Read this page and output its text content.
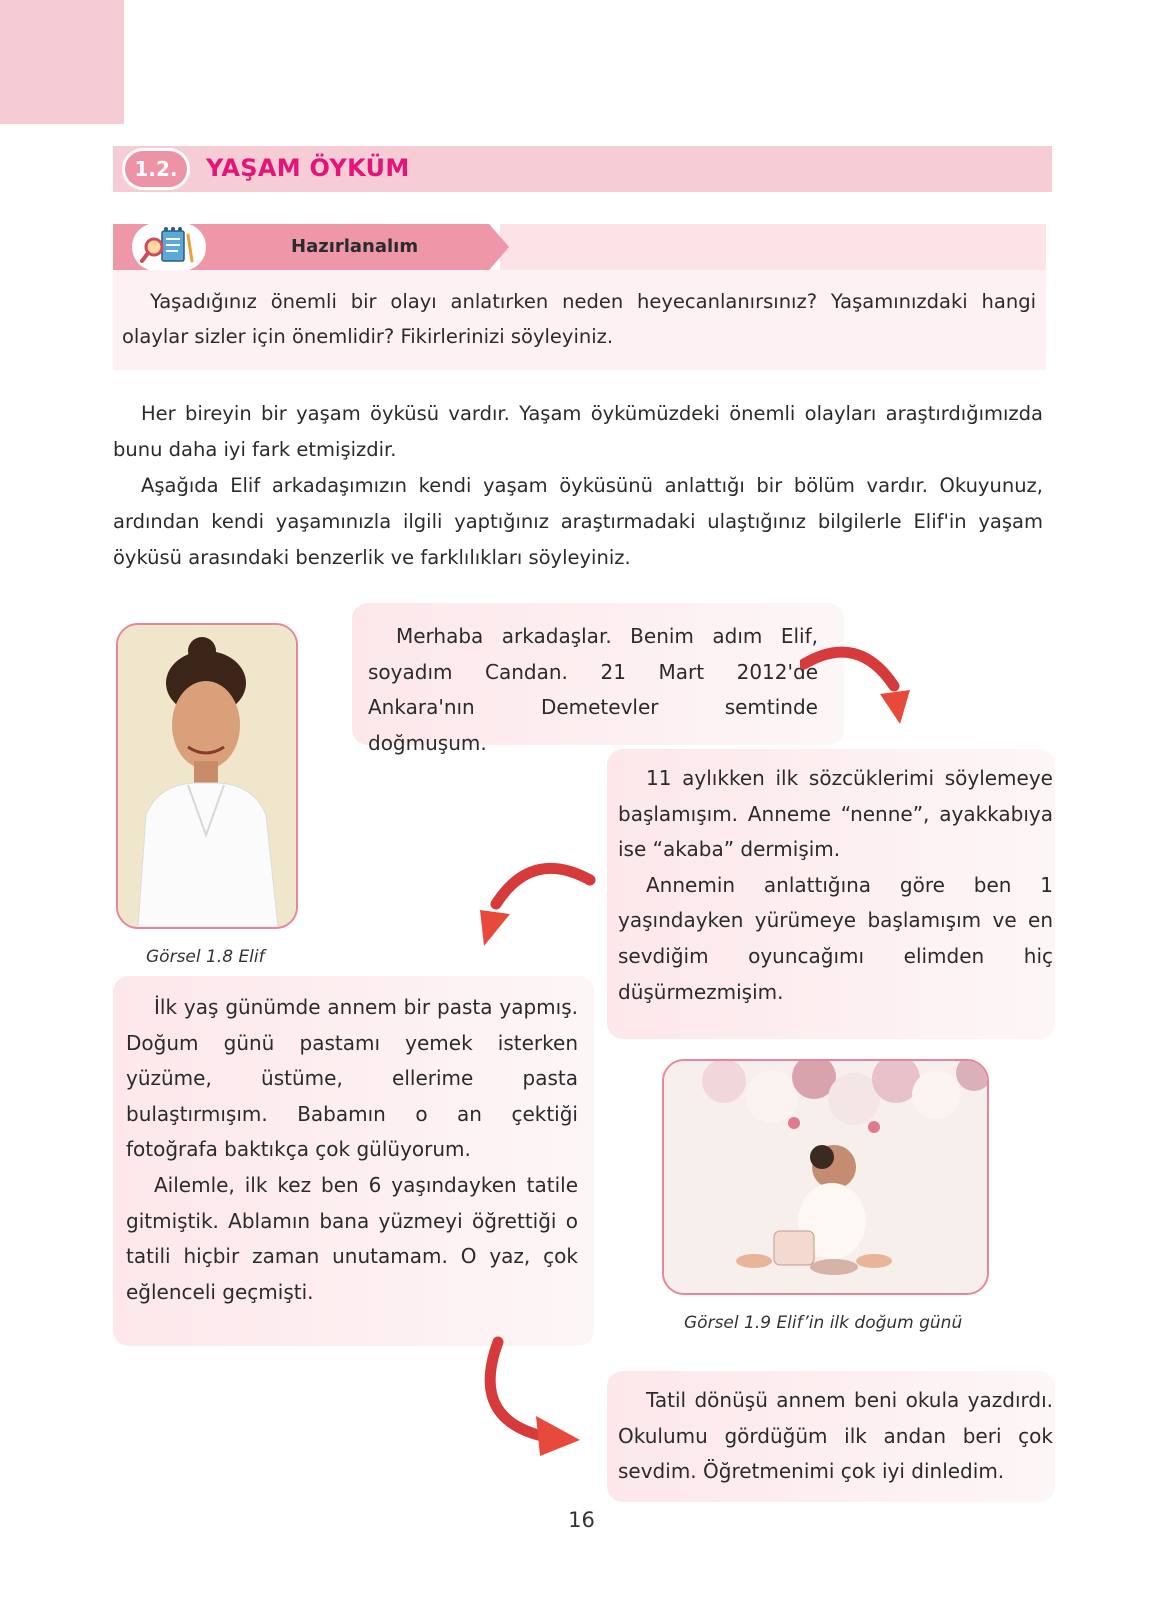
1.2.	YAŞAM ÖYKÜM
Hazırlanalım
Yaşadığınız önemli bir olayı anlatırken neden heyecanlanırsınız? Yaşamınızdaki hangi olaylar sizler için önemlidir? Fikirlerinizi söyleyiniz.

Her bireyin bir yaşam öyküsü vardır. Yaşam öykümüzdeki önemli olayları araştırdığımızda bunu daha iyi fark etmişizdir.

Aşağıda Elif arkadaşımızın kendi yaşam öyküsünü anlattığı bir bölüm vardır. Okuyunuz, ardından kendi yaşamınızla ilgili yaptığınız araştırmadaki ulaştığınız bilgilerle Elif'in yaşam öyküsü arasındaki benzerlik ve farklılıkları söyleyiniz.

Görsel 1.8 Elif

Merhaba arkadaşlar. Benim adım Elif, soyadım Candan. 21 Mart 2012'de Ankara'nın Demetevler semtinde doğmuşum.

11 aylıkken ilk sözcüklerimi söylemeye başlamışım. Anneme “nenne”, ayakkabıya ise “akaba” dermişim.

Annemin anlattığına göre ben 1 yaşındayken yürümeye başlamışım ve en sevdiğim oyuncağımı elimden hiç düşürmezmişim.

İlk yaş günümde annem bir pasta yapmış. Doğum günü pastamı yemek isterken yüzüme, üstüme, ellerime pasta bulaştırmışım. Babamın o an çektiği fotoğrafa baktıkça çok gülüyorum.

Ailemle, ilk kez ben 6 yaşındayken tatile gitmiştik. Ablamın bana yüzmeyi öğrettiği o tatili hiçbir zaman unutamam. O yaz, çok eğlenceli geçmişti.

Görsel 1.9 Elif’in ilk doğum günü

Tatil dönüşü annem beni okula yazdırdı. Okulumu gördüğüm ilk andan beri çok sevdim. Öğretmenimi çok iyi dinledim.

16
